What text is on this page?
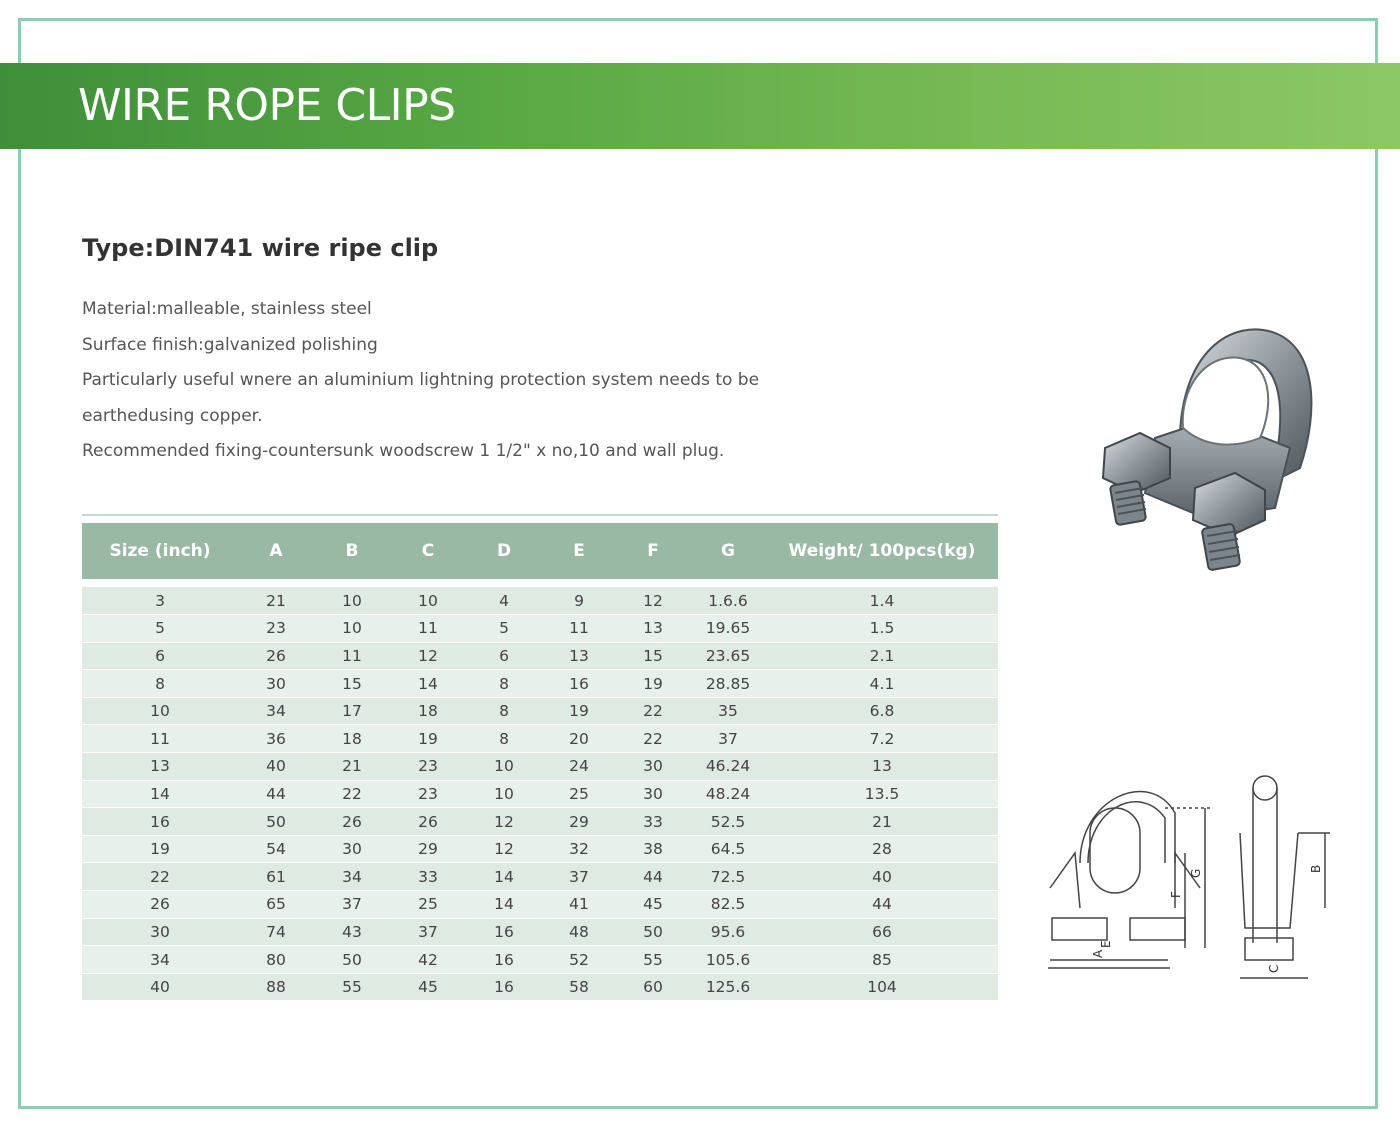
WIRE ROPE CLIPS
Type:DIN741 wire ripe clip
Material:malleable, stainless steel
Surface finish:galvanized polishing
Particularly useful wnere an aluminium lightning protection system needs to be
earthedusing copper.
Recommended fixing-countersunk woodscrew 1 1/2" x no,10 and wall plug.
Size (inch)	A	B	C	D	E	F	G	Weight/ 100pcs(kg)

3	21	10	10	4	9	12	1.6.6	1.4
5	23	10	11	5	11	13	19.65	1.5
6	26	11	12	6	13	15	23.65	2.1
8	30	15	14	8	16	19	28.85	4.1
10	34	17	18	8	19	22	35	6.8
11	36	18	19	8	20	22	37	7.2
13	40	21	23	10	24	30	46.24	13
14	44	22	23	10	25	30	48.24	13.5
16	50	26	26	12	29	33	52.5	21
19	54	30	29	12	32	38	64.5	28
22	61	34	33	14	37	44	72.5	40
26	65	37	25	14	41	45	82.5	44
30	74	43	37	16	48	50	95.6	66
34	80	50	42	16	52	55	105.6	85
40	88	55	45	16	58	60	125.6	104
A
B
C
E
F
G
